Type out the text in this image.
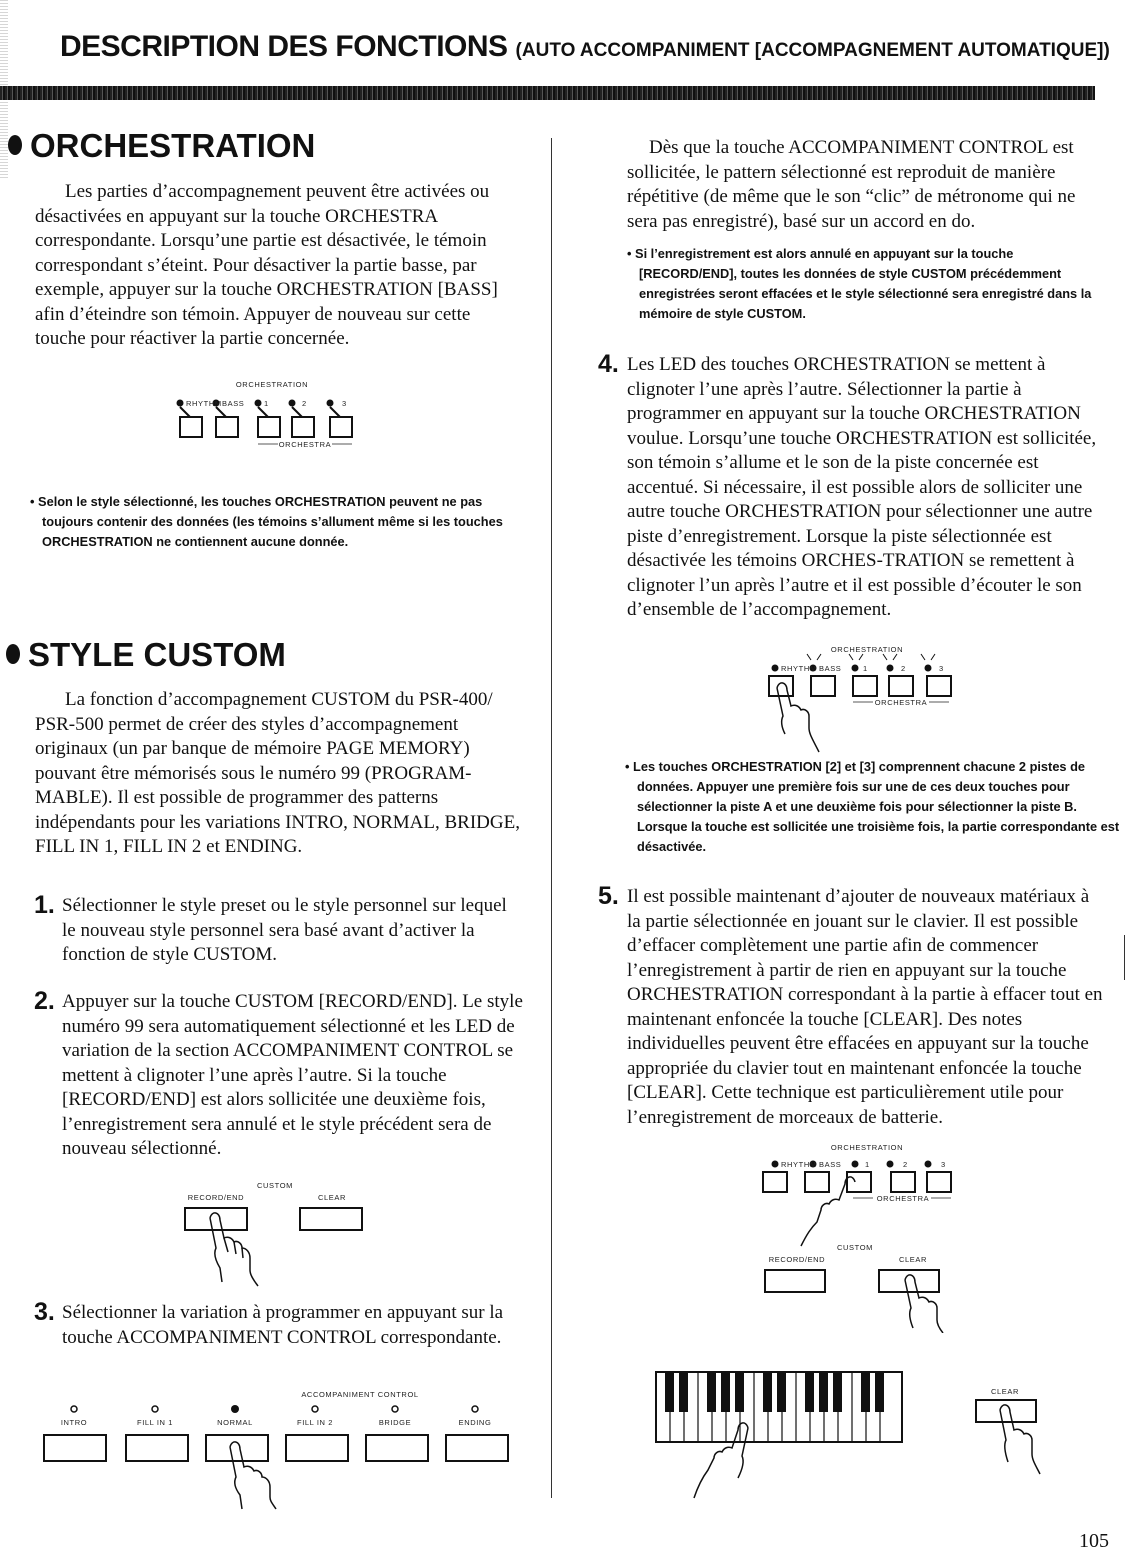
DESCRIPTION DES FONCTIONS (AUTO ACCOMPANIMENT [ACCOMPAGNEMENT AUTOMATIQUE])
ORCHESTRATION

Les parties d’accompagnement peuvent être activées ou désactivées en appuyant sur la touche ORCHESTRA correspondante. Lorsqu’une partie est désactivée, le témoin correspondant s’éteint. Pour désactiver la partie basse, par exemple, appuyer sur la touche ORCHESTRATION [BASS] afin d’éteindre son témoin. Appuyer de nouveau sur cette touche pour réactiver la partie concernée.

ORCHESTRATION
RHYTHM BASS	1	2	3
ORCHESTRA

• Selon le style sélectionné, les touches ORCHESTRATION peuvent ne pas toujours contenir des données (les témoins s’allument même si les touches ORCHESTRATION ne contiennent aucune donnée.

STYLE CUSTOM

La fonction d’accompagnement CUSTOM du PSR-400/ PSR-500 permet de créer des styles d’accompagnement originaux (un par banque de mémoire PAGE MEMORY) pouvant être mémorisés sous le numéro 99 (PROGRAM-MABLE). Il est possible de programmer des patterns indépendants pour les variations INTRO, NORMAL, BRIDGE, FILL IN 1, FILL IN 2 et ENDING.

1. Sélectionner le style preset ou le style personnel sur lequel le nouveau style personnel sera basé avant d’activer la fonction de style CUSTOM.

2. Appuyer sur la touche CUSTOM [RECORD/END]. Le style numéro 99 sera automatiquement sélectionné et les LED de variation de la section ACCOMPANIMENT CONTROL se mettent à clignoter l’une après l’autre. Si la touche [RECORD/END] est alors sollicitée une deuxième fois, l’enregistrement sera annulé et le style précédent sera de nouveau sélectionné.

CUSTOM
RECORD/END	CLEAR
3. Sélectionner la variation à programmer en appuyant sur la touche ACCOMPANIMENT CONTROL correspondante.

ACCOMPANIMENT CONTROL
INTRO	FILL IN 1	NORMAL	FILL IN 2	BRIDGE	ENDING

Dès que la touche ACCOMPANIMENT CONTROL est sollicitée, le pattern sélectionné est reproduit de manière répétitive (de même que le son “clic” de métronome qui ne sera pas enregistré), basé sur un accord en do.

• Si l’enregistrement est alors annulé en appuyant sur la touche [RECORD/END], toutes les données de style CUSTOM précédemment enregistrées seront effacées et le style sélectionné sera enregistré dans la mémoire de style CUSTOM.

4. Les LED des touches ORCHESTRATION se mettent à clignoter l’une après l’autre. Sélectionner la partie à programmer en appuyant sur la touche ORCHESTRATION voulue. Lorsqu’une touche ORCHESTRATION est sollicitée, son témoin s’allume et le son de la piste concernée est accentué. Si nécessaire, il est possible alors de solliciter une autre touche ORCHESTRATION pour sélectionner une autre piste d’enregistrement. Lorsque la piste sélectionnée est désactivée les témoins ORCHES-TRATION se remettent à clignoter l’un après l’autre et il est possible d’écouter le son d’ensemble de l’accompagnement.

ORCHESTRATION
RHYTHM BASS	1	2	3
ORCHESTRA

• Les touches ORCHESTRATION [2] et [3] comprennent chacune 2 pistes de données. Appuyer une première fois sur une de ces deux touches pour sélectionner la piste A et une deuxième fois pour sélectionner la piste B. Lorsque la touche est sollicitée une troisième fois, la partie correspondante est désactivée.

5. Il est possible maintenant d’ajouter de nouveaux matériaux à la partie sélectionnée en jouant sur le clavier. Il est possible d’effacer complètement une partie afin de commencer l’enregistrement à partir de rien en appuyant sur la touche ORCHESTRATION correspondant à la partie à effacer tout en maintenant enfoncée la touche [CLEAR]. Des notes individuelles peuvent être effacées en appuyant sur la touche appropriée du clavier tout en maintenant enfoncée la touche [CLEAR]. Cette technique est particulièrement utile pour l’enregistrement de morceaux de batterie.

ORCHESTRATION
RHYTHM BASS	1	2	3
ORCHESTRA
CUSTOM
RECORD/END	CLEAR
CLEAR
105
